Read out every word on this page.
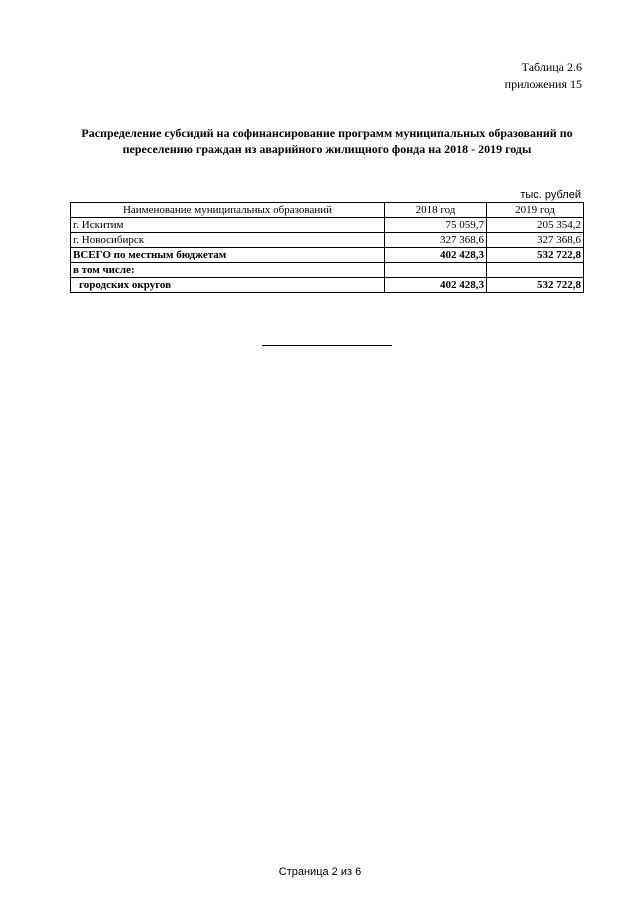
Таблица 2.6
приложения 15
Распределение субсидий на софинансирование программ муниципальных образований по
переселению граждан из аварийного жилищного фонда на 2018 - 2019 годы
тыс. рублей
Наименование муниципальных образований	2018 год	2019 год
г. Искитим	75 059,7	205 354,2
г. Новосибирск	327 368,6	327 368,6
ВСЕГО по местным бюджетам	402 428,3	532 722,8
в том числе:		
городских округов	402 428,3	532 722,8
Страница 2 из 6
